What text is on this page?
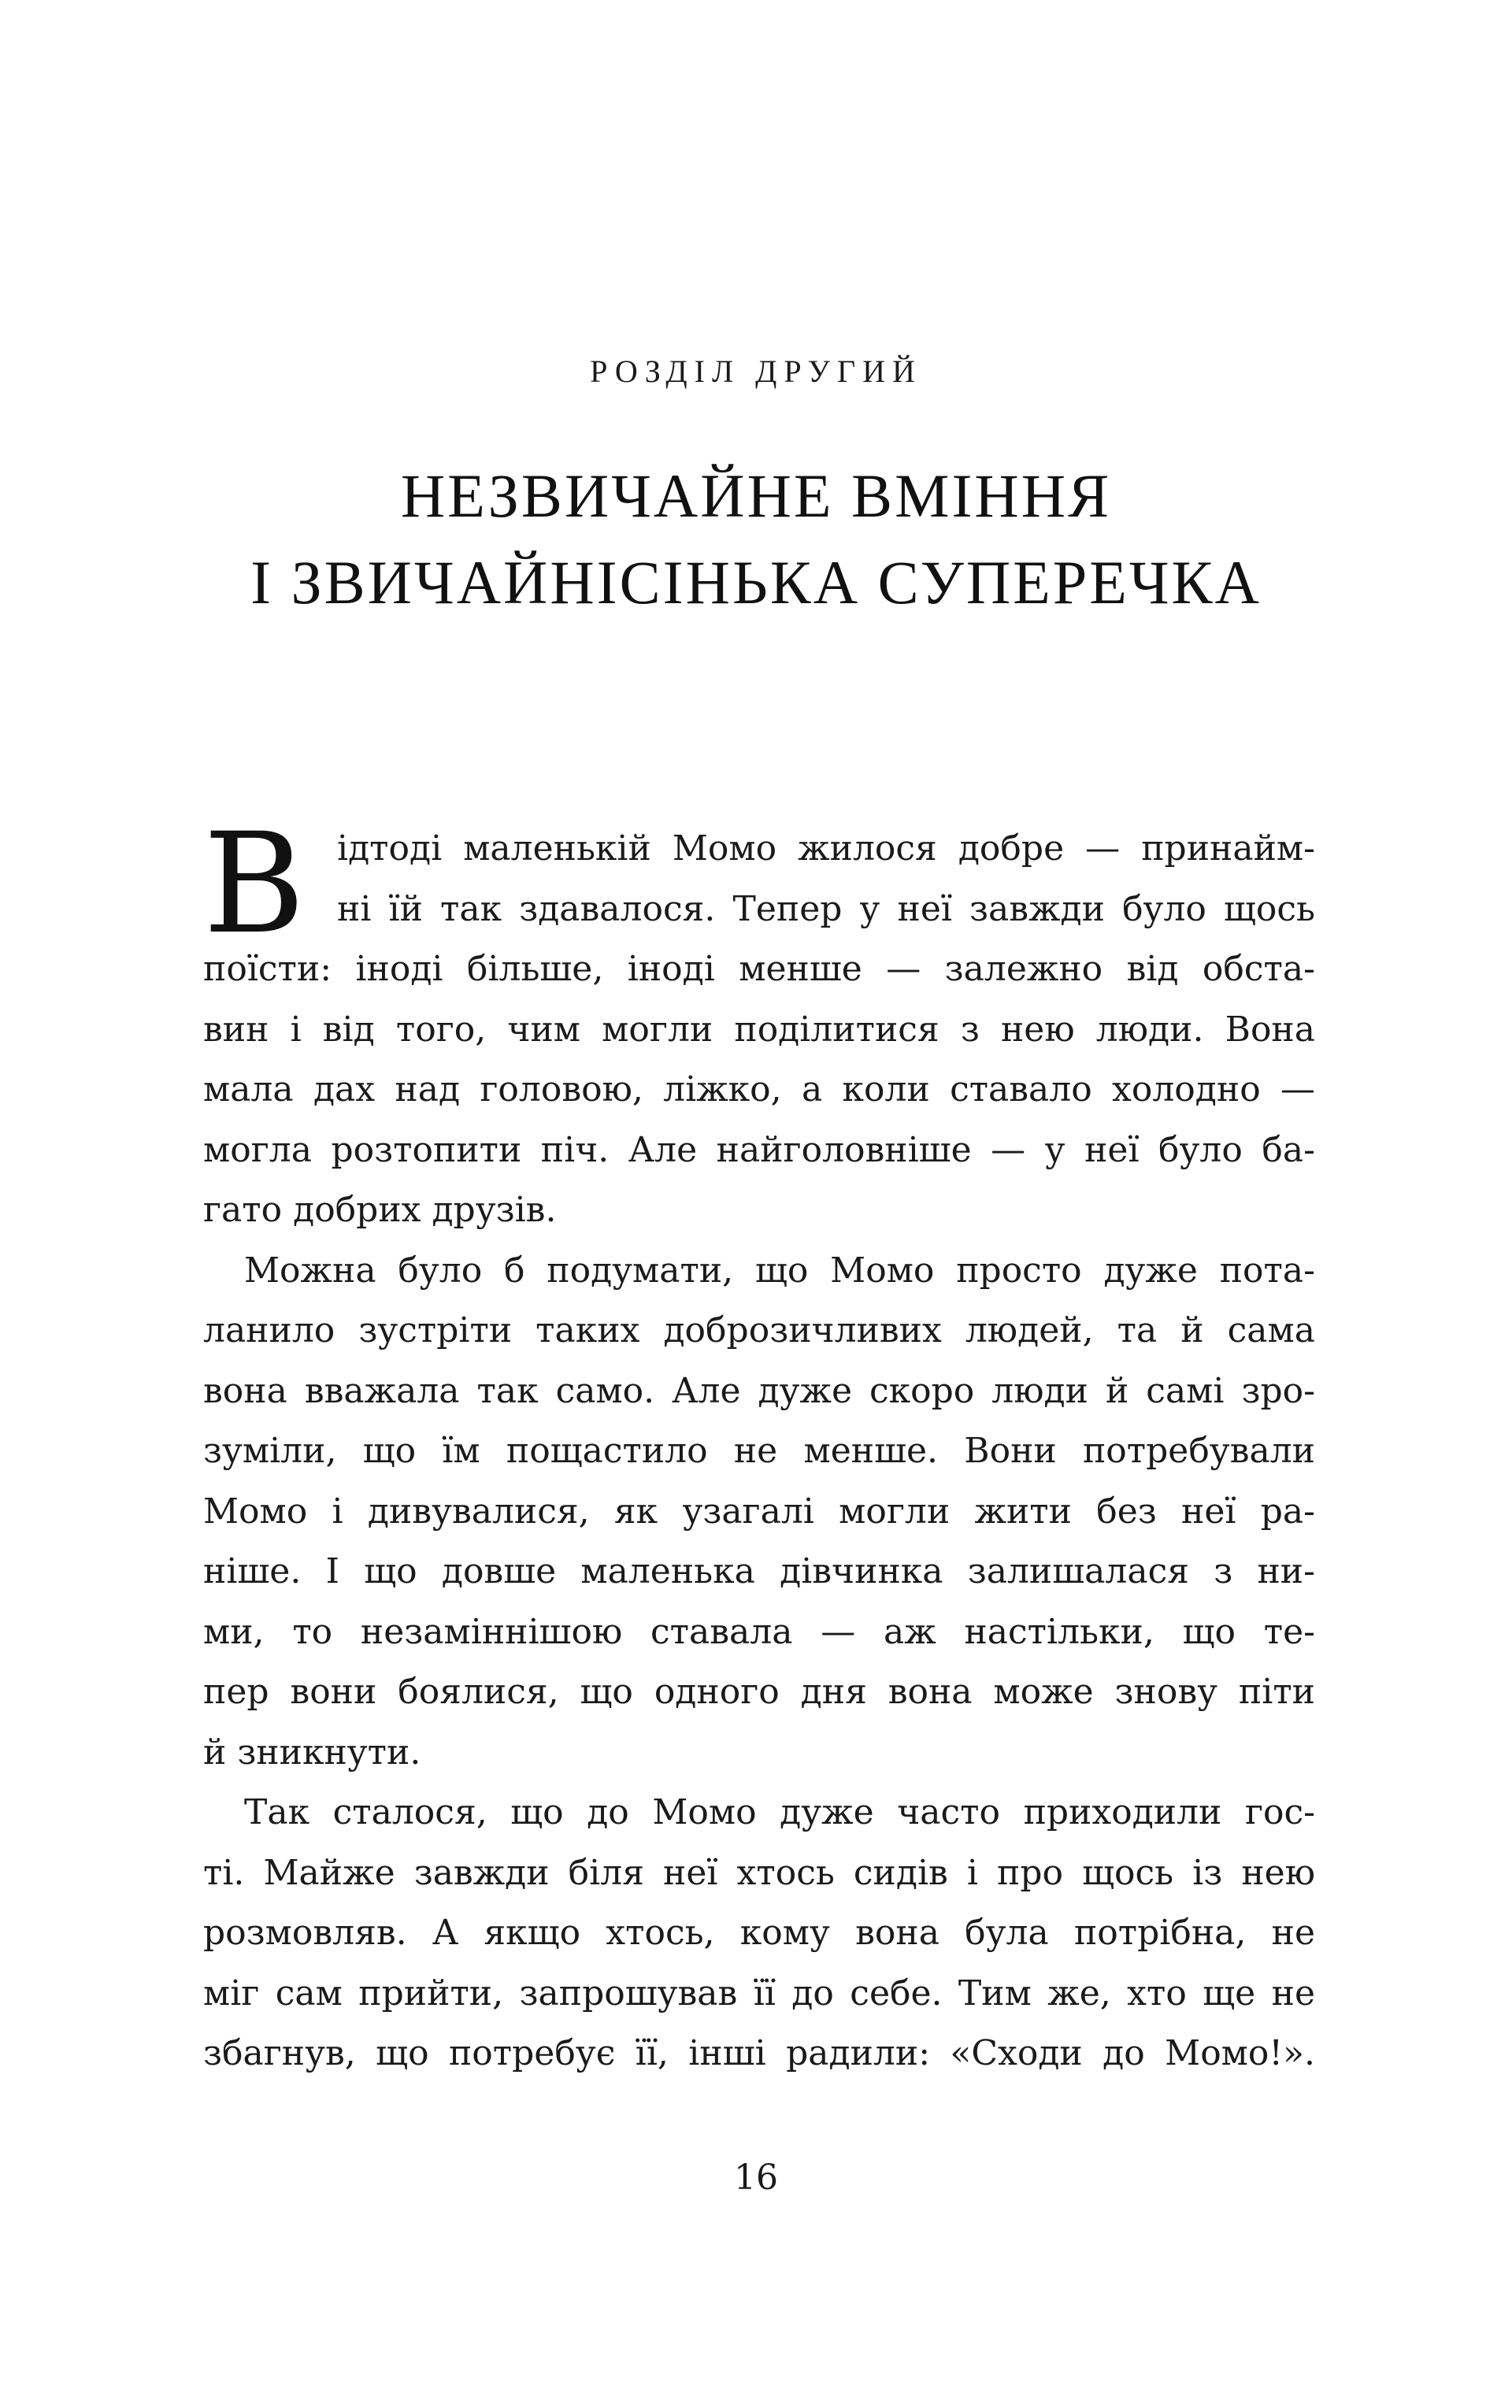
РОЗДІЛ ДРУГИЙ
НЕЗВИЧАЙНЕ ВМІННЯ
І ЗВИЧАЙНІСІНЬКА СУПЕРЕЧКА
В ідтоді маленькій Момо жилося добре — принайм-
ні їй так здавалося. Тепер у неї завжди було щось
поїсти: іноді більше, іноді менше — залежно від обста-
вин і від того, чим могли поділитися з нею люди. Вона
мала дах над головою, ліжко, а коли ставало холодно —
могла розтопити піч. Але найголовніше — у неї було ба-
гато добрих друзів.
Можна було б подумати, що Момо просто дуже пота-
ланило зустріти таких доброзичливих людей, та й сама
вона вважала так само. Але дуже скоро люди й самі зро-
зуміли, що їм пощастило не менше. Вони потребували
Момо і дивувалися, як узагалі могли жити без неї ра-
ніше. І що довше маленька дівчинка залишалася з ни-
ми, то незаміннішою ставала — аж настільки, що те-
пер вони боялися, що одного дня вона може знову піти
й зникнути.
Так сталося, що до Момо дуже часто приходили гос-
ті. Майже завжди біля неї хтось сидів і про щось із нею
розмовляв. А якщо хтось, кому вона була потрібна, не
міг сам прийти, запрошував її до себе. Тим же, хто ще не
збагнув, що потребує її, інші радили: «Сходи до Момо!».
16
